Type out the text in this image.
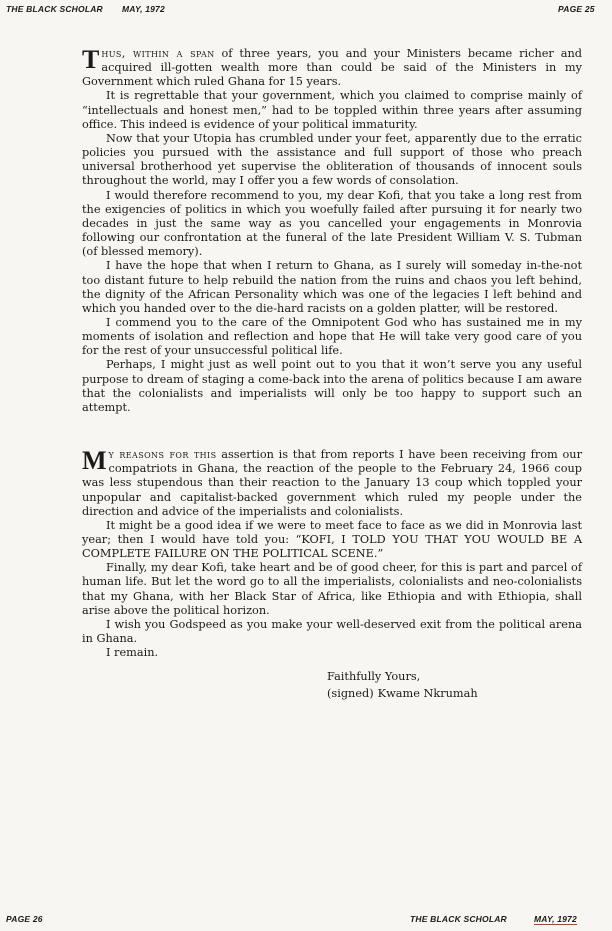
THE BLACK SCHOLAR MAY, 1972	PAGE 25

Thus, within a span of three years, you and your Ministers became richer and acquired ill-gotten wealth more than could be said of the Ministers in my Government which ruled Ghana for 15 years.

It is regrettable that your government, which you claimed to comprise mainly of “intellectuals and honest men,” had to be toppled within three years after assuming office. This indeed is evidence of your political immaturity.

Now that your Utopia has crumbled under your feet, apparently due to the erratic policies you pursued with the assistance and full support of those who preach universal brotherhood yet supervise the obliteration of thousands of innocent souls throughout the world, may I offer you a few words of consolation.

I would therefore recommend to you, my dear Kofi, that you take a long rest from the exigencies of politics in which you woefully failed after pursuing it for nearly two decades in just the same way as you cancelled your engagements in Monrovia following our confrontation at the funeral of the late President William V. S. Tubman (of blessed memory).

I have the hope that when I return to Ghana, as I surely will someday in-the-not too distant future to help rebuild the nation from the ruins and chaos you left behind, the dignity of the African Personality which was one of the legacies I left behind and which you handed over to the die-hard racists on a golden platter, will be restored.

I commend you to the care of the Omnipotent God who has sustained me in my moments of isolation and reflection and hope that He will take very good care of you for the rest of your unsuccessful political life.

Perhaps, I might just as well point out to you that it won’t serve you any useful purpose to dream of staging a come-back into the arena of politics because I am aware that the colonialists and imperialists will only be too happy to support such an attempt.

My reasons for this assertion is that from reports I have been receiving from our compatriots in Ghana, the reaction of the people to the February 24, 1966 coup was less stupendous than their reaction to the January 13 coup which toppled your unpopular and capitalist-backed government which ruled my people under the direction and advice of the imperialists and colonialists.

It might be a good idea if we were to meet face to face as we did in Monrovia last year; then I would have told you: “KOFI, I TOLD YOU THAT YOU WOULD BE A COMPLETE FAILURE ON THE POLITICAL SCENE.”

Finally, my dear Kofi, take heart and be of good cheer, for this is part and parcel of human life. But let the word go to all the imperialists, colonialists and neo-colonialists that my Ghana, with her Black Star of Africa, like Ethiopia and with Ethiopia, shall arise above the political horizon.

I wish you Godspeed as you make your well-deserved exit from the political arena in Ghana.

I remain.

Faithfully Yours,
(signed) Kwame Nkrumah
PAGE 26	THE BLACK SCHOLAR	MAY, 1972
